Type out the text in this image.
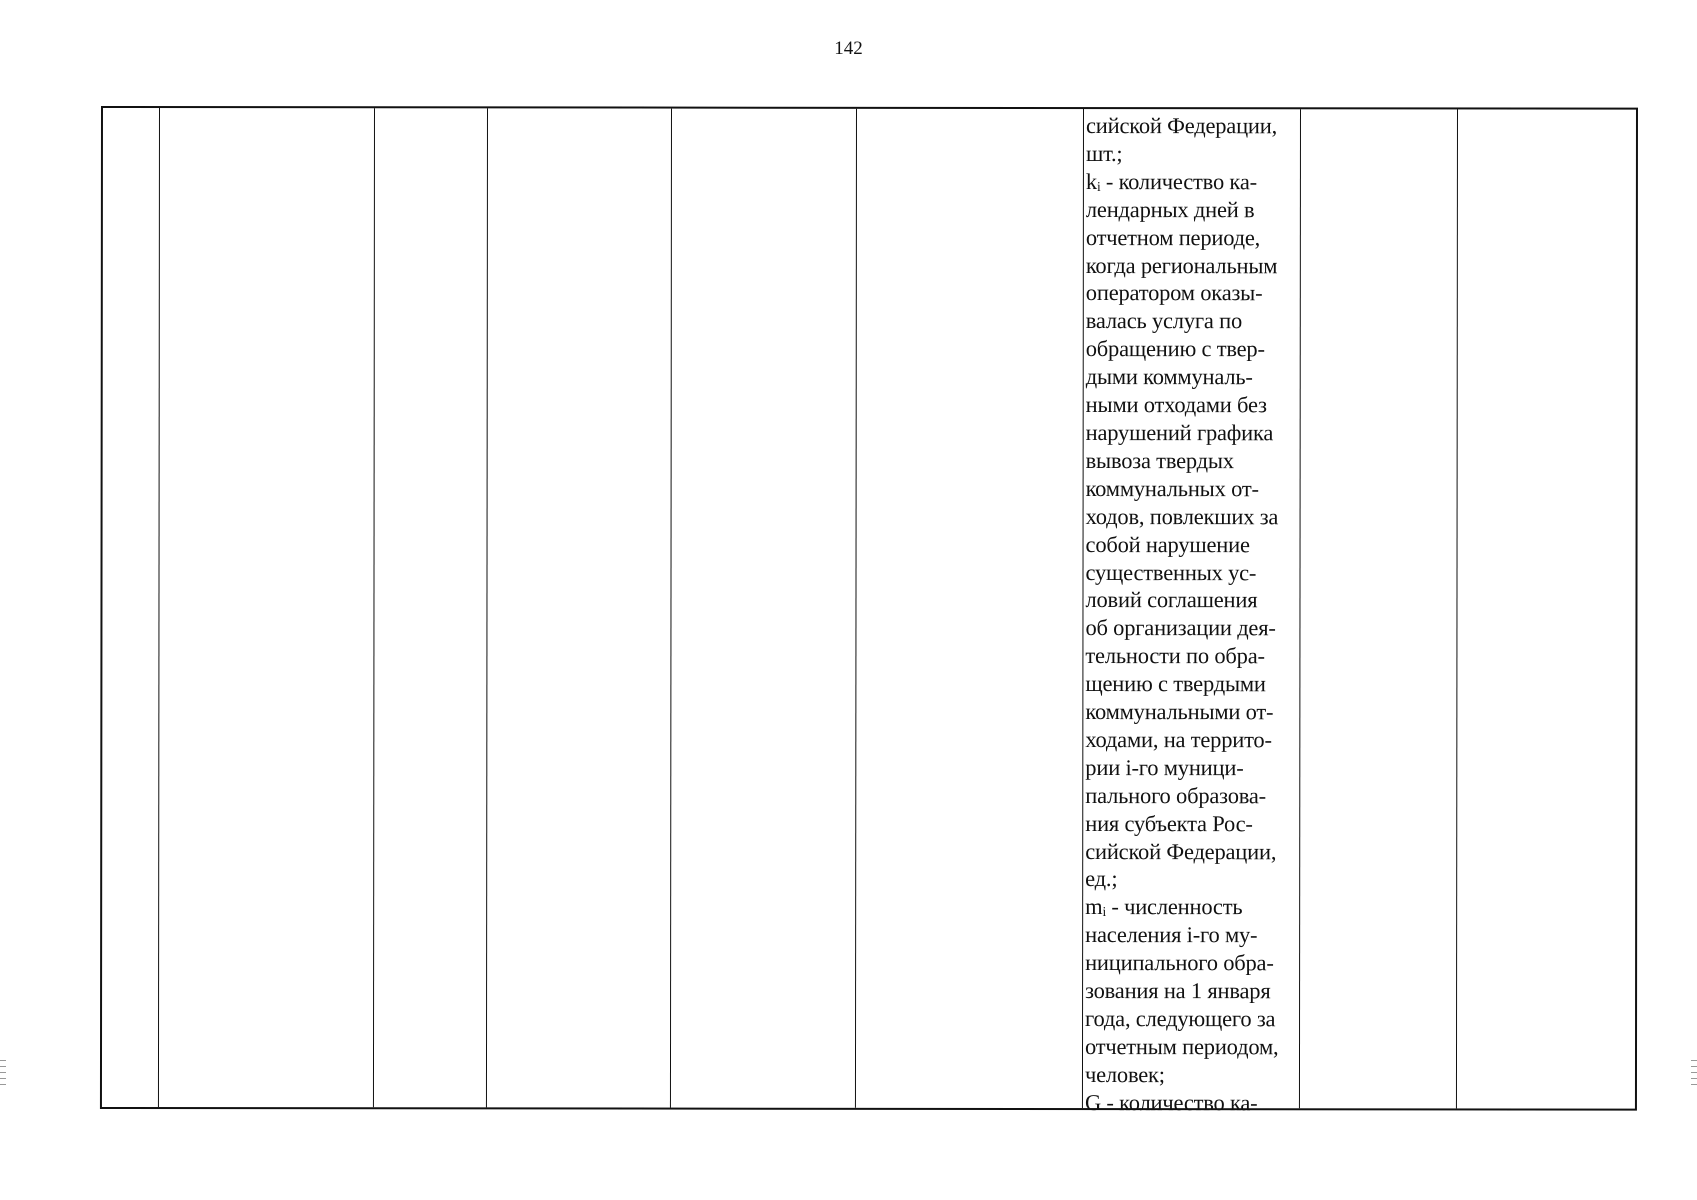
142
сийской Федерации,
шт.;
kᵢ - количество ка-
лендарных дней в
отчетном периоде,
когда региональным
оператором оказы-
валась услуга по
обращению с твер-
дыми коммуналь-
ными отходами без
нарушений графика
вывоза твердых
коммунальных от-
ходов, повлекших за
собой нарушение
существенных ус-
ловий соглашения
об организации дея-
тельности по обра-
щению с твердыми
коммунальными от-
ходами, на террито-
рии i-го муници-
пального образова-
ния субъекта Рос-
сийской Федерации,
ед.;
mᵢ - численность
населения i-го му-
ниципального обра-
зования на 1 января
года, следующего за
отчетным периодом,
человек;
G - количество ка-
